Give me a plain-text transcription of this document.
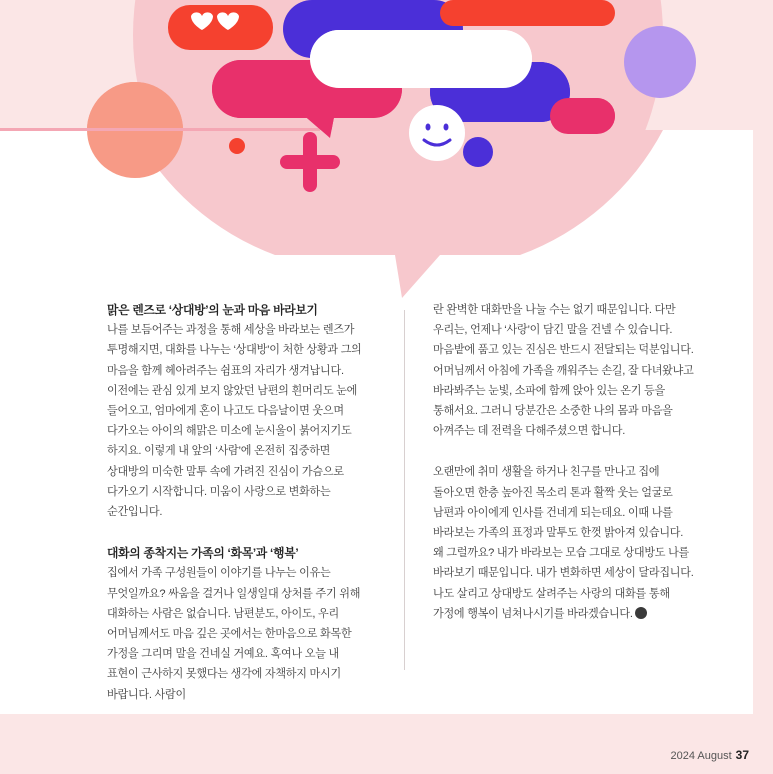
맑은 렌즈로 ‘상대방’의 눈과 마음 바라보기

나를 보듬어주는 과정을 통해 세상을 바라보는 렌즈가 투명해지면, 대화를 나누는 ‘상대방’이 처한 상황과 그의 마음을 함께 헤아려주는 쉼표의 자리가 생겨납니다. 이전에는 관심 있게 보지 않았던 남편의 흰머리도 눈에 들어오고, 엄마에게 혼이 나고도 다음날이면 웃으며 다가오는 아이의 해맑은 미소에 눈시울이 붉어지기도 하지요. 이렇게 내 앞의 ‘사람’에 온전히 집중하면 상대방의 미숙한 말투 속에 가려진 진심이 가슴으로 다가오기 시작합니다. 미움이 사랑으로 변화하는 순간입니다.

대화의 종착지는 가족의 ‘화목’과 ‘행복’

집에서 가족 구성원들이 이야기를 나누는 이유는 무엇일까요? 싸움을 걸거나 일생일대 상처를 주기 위해 대화하는 사람은 없습니다. 남편분도, 아이도, 우리 어머님께서도 마음 깊은 곳에서는 한마음으로 화목한 가정을 그리며 말을 건네실 거예요. 혹여나 오늘 내 표현이 근사하지 못했다는 생각에 자책하지 마시기 바랍니다. 사람이

란 완벽한 대화만을 나눌 수는 없기 때문입니다. 다만 우리는, 언제나 ‘사랑’이 담긴 말을 건넬 수 있습니다. 마음밭에 품고 있는 진심은 반드시 전달되는 덕분입니다. 어머님께서 아침에 가족을 깨워주는 손길, 잘 다녀왔냐고 바라봐주는 눈빛, 소파에 함께 앉아 있는 온기 등을 통해서요. 그러니 당분간은 소중한 나의 몸과 마음을 아껴주는 데 전력을 다해주셨으면 합니다.

오랜만에 취미 생활을 하거나 친구를 만나고 집에 돌아오면 한층 높아진 목소리 톤과 활짝 웃는 얼굴로 남편과 아이에게 인사를 건네게 되는데요. 이때 나를 바라보는 가족의 표정과 말투도 한껏 밝아져 있습니다. 왜 그럴까요? 내가 바라보는 모습 그대로 상대방도 나를 바라보기 때문입니다. 내가 변화하면 세상이 달라집니다. 나도 살리고 상대방도 살려주는 사랑의 대화를 통해 가정에 행복이 넘쳐나시기를 바라겠습니다.

2024 August 37
